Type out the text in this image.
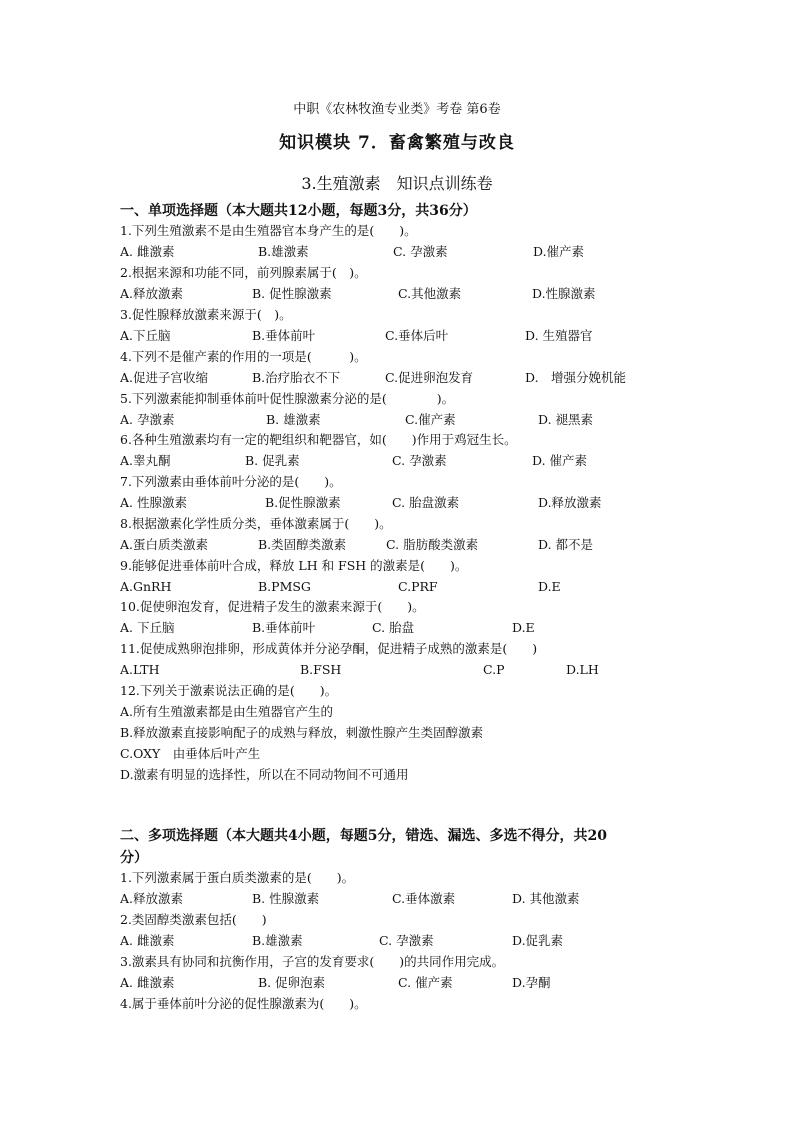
中职《农林牧渔专业类》考卷 第6卷
知识模块 7．畜禽繁殖与改良
3.生殖激素　知识点训练卷
一、单项选择题（本大题共12小题，每题3分，共36分）
1.下列生殖激素不是由生殖器官本身产生的是(　　)。
A. 雌激素	B.雄激素	C. 孕激素	D.催产素
2.根据来源和功能不同，前列腺素属于(　)。
A.释放激素	B. 促性腺激素	C.其他激素	D.性腺激素
3.促性腺释放激素来源于(　)。
A.下丘脑	B.垂体前叶	C.垂体后叶	D. 生殖器官
4.下列不是催产素的作用的一项是(　　　)。
A.促进子宫收缩	B.治疗胎衣不下	C.促进卵泡发育	D.　增强分娩机能
5.下列激素能抑制垂体前叶促性腺激素分泌的是(　　　　)。
A. 孕激素	B. 雄激素	C.催产素	D. 褪黑素
6.各种生殖激素均有一定的靶组织和靶器官，如(　　)作用于鸡冠生长。
A.睾丸酮	B. 促乳素	C. 孕激素	D. 催产素
7.下列激素由垂体前叶分泌的是(　　)。
A. 性腺激素	B.促性腺激素	C. 胎盘激素	D.释放激素
8.根据激素化学性质分类，垂体激素属于(　　)。
A.蛋白质类激素	B.类固醇类激素	C. 脂肪酸类激素	D. 都不是
9.能够促进垂体前叶合成，释放 LH 和 FSH 的激素是(　　)。
A.GnRH	B.PMSG	C.PRF	D.E
10.促使卵泡发育，促进精子发生的激素来源于(　　)。
A. 下丘脑	B.垂体前叶	C. 胎盘	D.E
11.促使成熟卵泡排卵，形成黄体并分泌孕酮，促进精子成熟的激素是(　　)
A.LTH	B.FSH	C.P	D.LH
12.下列关于激素说法正确的是(　　)。
A.所有生殖激素都是由生殖器官产生的
B.释放激素直接影响配子的成熟与释放，刺激性腺产生类固醇激素
C.OXY　由垂体后叶产生
D.激素有明显的选择性，所以在不同动物间不可通用
二、多项选择题（本大题共4小题，每题5分，错选、漏选、多选不得分，共20
分）
1.下列激素属于蛋白质类激素的是(　　)。
A.释放激素	B. 性腺激素	C.垂体激素	D. 其他激素
2.类固醇类激素包括(　　)
A. 雌激素	B.雄激素	C. 孕激素	D.促乳素
3.激素具有协同和抗衡作用，子宫的发育要求(　　)的共同作用完成。
A. 雌激素	B. 促卵泡素	C. 催产素	D.孕酮
4.属于垂体前叶分泌的促性腺激素为(　　)。
